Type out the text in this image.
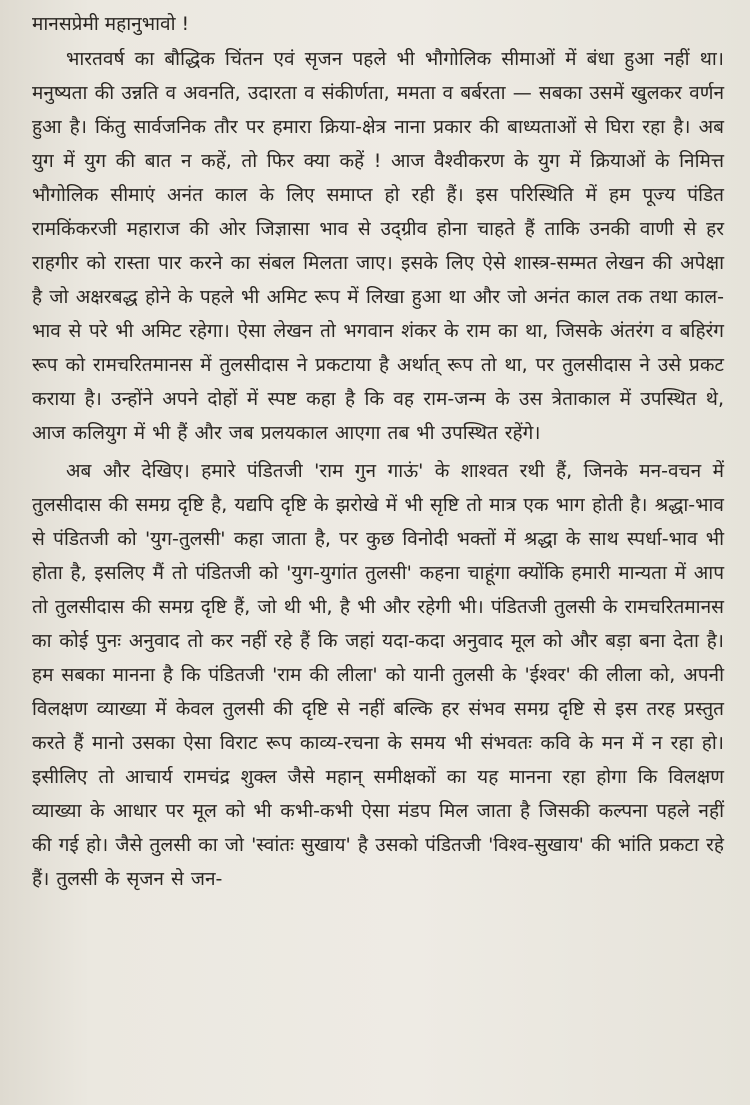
मानसप्रेमी महानुभावो !

भारतवर्ष का बौद्धिक चिंतन एवं सृजन पहले भी भौगोलिक सीमाओं में बंधा हुआ नहीं था। मनुष्यता की उन्नति व अवनति, उदारता व संकीर्णता, ममता व बर्बरता — सबका उसमें खुलकर वर्णन हुआ है। किंतु सार्वजनिक तौर पर हमारा क्रिया-क्षेत्र नाना प्रकार की बाध्यताओं से घिरा रहा है। अब युग में युग की बात न कहें, तो फिर क्या कहें ! आज वैश्वीकरण के युग में क्रियाओं के निमित्त भौगोलिक सीमाएं अनंत काल के लिए समाप्त हो रही हैं। इस परिस्थिति में हम पूज्य पंडित रामकिंकरजी महाराज की ओर जिज्ञासा भाव से उद्ग्रीव होना चाहते हैं ताकि उनकी वाणी से हर राहगीर को रास्ता पार करने का संबल मिलता जाए। इसके लिए ऐसे शास्त्र-सम्मत लेखन की अपेक्षा है जो अक्षरबद्ध होने के पहले भी अमिट रूप में लिखा हुआ था और जो अनंत काल तक तथा काल-भाव से परे भी अमिट रहेगा। ऐसा लेखन तो भगवान शंकर के राम का था, जिसके अंतरंग व बहिरंग रूप को रामचरितमानस में तुलसीदास ने प्रकटाया है अर्थात् रूप तो था, पर तुलसीदास ने उसे प्रकट कराया है। उन्होंने अपने दोहों में स्पष्ट कहा है कि वह राम-जन्म के उस त्रेताकाल में उपस्थित थे, आज कलियुग में भी हैं और जब प्रलयकाल आएगा तब भी उपस्थित रहेंगे।

अब और देखिए। हमारे पंडितजी 'राम गुन गाऊं' के शाश्वत रथी हैं, जिनके मन-वचन में तुलसीदास की समग्र दृष्टि है, यद्यपि दृष्टि के झरोखे में भी सृष्टि तो मात्र एक भाग होती है। श्रद्धा-भाव से पंडितजी को 'युग-तुलसी' कहा जाता है, पर कुछ विनोदी भक्तों में श्रद्धा के साथ स्पर्धा-भाव भी होता है, इसलिए मैं तो पंडितजी को 'युग-युगांत तुलसी' कहना चाहूंगा क्योंकि हमारी मान्यता में आप तो तुलसीदास की समग्र दृष्टि हैं, जो थी भी, है भी और रहेगी भी। पंडितजी तुलसी के रामचरितमानस का कोई पुनः अनुवाद तो कर नहीं रहे हैं कि जहां यदा-कदा अनुवाद मूल को और बड़ा बना देता है। हम सबका मानना है कि पंडितजी 'राम की लीला' को यानी तुलसी के 'ईश्वर' की लीला को, अपनी विलक्षण व्याख्या में केवल तुलसी की दृष्टि से नहीं बल्कि हर संभव समग्र दृष्टि से इस तरह प्रस्तुत करते हैं मानो उसका ऐसा विराट रूप काव्य-रचना के समय भी संभवतः कवि के मन में न रहा हो। इसीलिए तो आचार्य रामचंद्र शुक्ल जैसे महान् समीक्षकों का यह मानना रहा होगा कि विलक्षण व्याख्या के आधार पर मूल को भी कभी-कभी ऐसा मंडप मिल जाता है जिसकी कल्पना पहले नहीं की गई हो। जैसे तुलसी का जो 'स्वांतः सुखाय' है उसको पंडितजी 'विश्व-सुखाय' की भांति प्रकटा रहे हैं। तुलसी के सृजन से जन-
